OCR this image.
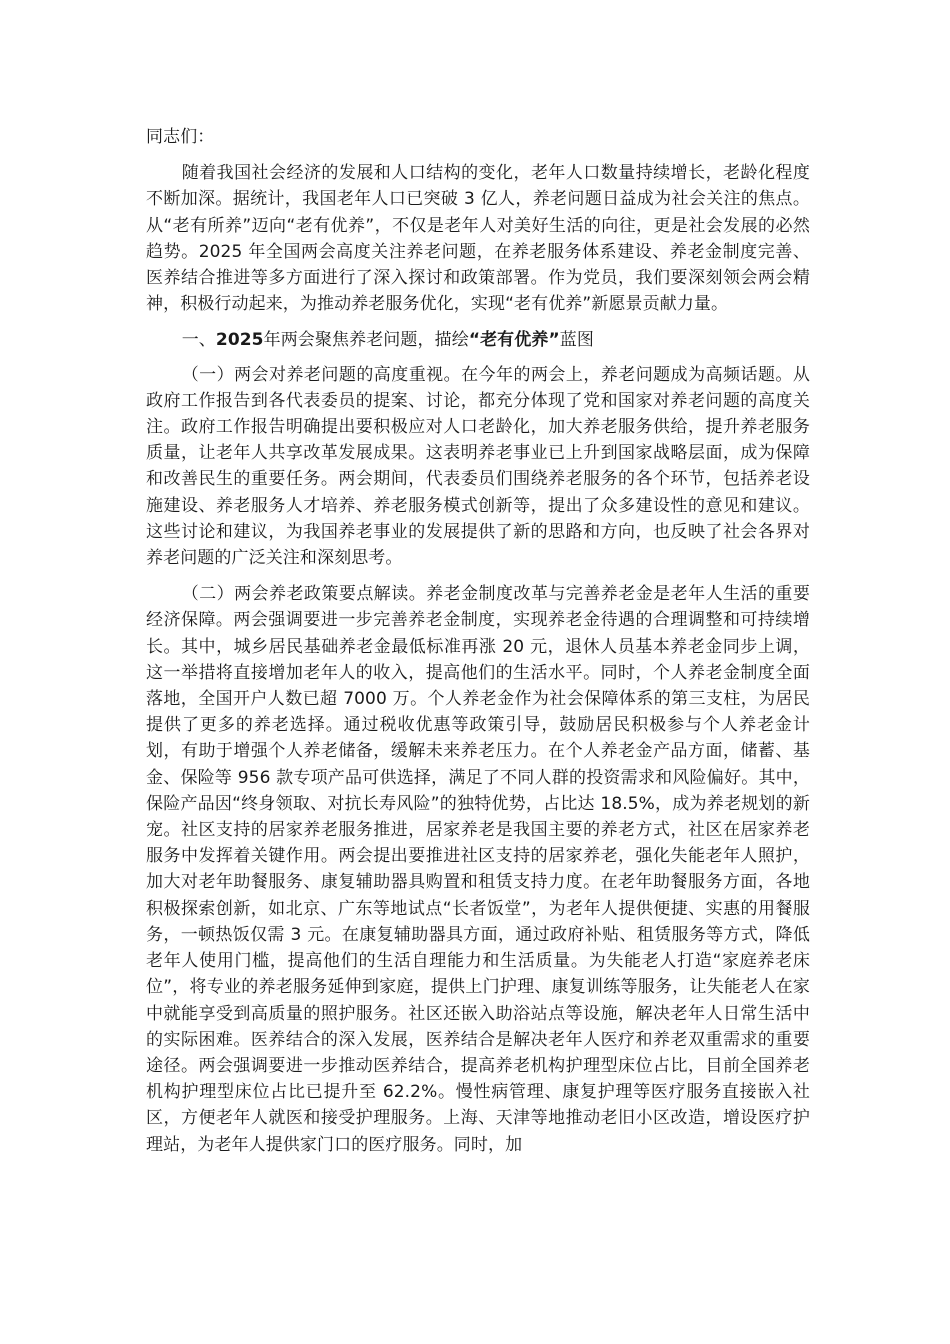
同志们：

随着我国社会经济的发展和人口结构的变化，老年人口数量持续增长，老龄化程度不断加深。据统计，我国老年人口已突破 3 亿人，养老问题日益成为社会关注的焦点。从“老有所养”迈向“老有优养”，不仅是老年人对美好生活的向往，更是社会发展的必然趋势。2025 年全国两会高度关注养老问题，在养老服务体系建设、养老金制度完善、医养结合推进等多方面进行了深入探讨和政策部署。作为党员，我们要深刻领会两会精神，积极行动起来，为推动养老服务优化，实现“老有优养”新愿景贡献力量。

一、2025年两会聚焦养老问题，描绘“老有优养”蓝图

（一）两会对养老问题的高度重视。在今年的两会上，养老问题成为高频话题。从政府工作报告到各代表委员的提案、讨论，都充分体现了党和国家对养老问题的高度关注。政府工作报告明确提出要积极应对人口老龄化，加大养老服务供给，提升养老服务质量，让老年人共享改革发展成果。这表明养老事业已上升到国家战略层面，成为保障和改善民生的重要任务。两会期间，代表委员们围绕养老服务的各个环节，包括养老设施建设、养老服务人才培养、养老服务模式创新等，提出了众多建设性的意见和建议。这些讨论和建议，为我国养老事业的发展提供了新的思路和方向，也反映了社会各界对养老问题的广泛关注和深刻思考。

（二）两会养老政策要点解读。养老金制度改革与完善养老金是老年人生活的重要经济保障。两会强调要进一步完善养老金制度，实现养老金待遇的合理调整和可持续增长。其中，城乡居民基础养老金最低标准再涨 20 元，退休人员基本养老金同步上调，这一举措将直接增加老年人的收入，提高他们的生活水平。同时，个人养老金制度全面落地，全国开户人数已超 7000 万。个人养老金作为社会保障体系的第三支柱，为居民提供了更多的养老选择。通过税收优惠等政策引导，鼓励居民积极参与个人养老金计划，有助于增强个人养老储备，缓解未来养老压力。在个人养老金产品方面，储蓄、基金、保险等 956 款专项产品可供选择，满足了不同人群的投资需求和风险偏好。其中，保险产品因“终身领取、对抗长寿风险”的独特优势，占比达 18.5%，成为养老规划的新宠。社区支持的居家养老服务推进，居家养老是我国主要的养老方式，社区在居家养老服务中发挥着关键作用。两会提出要推进社区支持的居家养老，强化失能老年人照护，加大对老年助餐服务、康复辅助器具购置和租赁支持力度。在老年助餐服务方面，各地积极探索创新，如北京、广东等地试点“长者饭堂”，为老年人提供便捷、实惠的用餐服务，一顿热饭仅需 3 元。在康复辅助器具方面，通过政府补贴、租赁服务等方式，降低老年人使用门槛，提高他们的生活自理能力和生活质量。为失能老人打造“家庭养老床位”，将专业的养老服务延伸到家庭，提供上门护理、康复训练等服务，让失能老人在家中就能享受到高质量的照护服务。社区还嵌入助浴站点等设施，解决老年人日常生活中的实际困难。医养结合的深入发展，医养结合是解决老年人医疗和养老双重需求的重要途径。两会强调要进一步推动医养结合，提高养老机构护理型床位占比，目前全国养老机构护理型床位占比已提升至 62.2%。慢性病管理、康复护理等医疗服务直接嵌入社区，方便老年人就医和接受护理服务。上海、天津等地推动老旧小区改造，增设医疗护理站，为老年人提供家门口的医疗服务。同时，加
